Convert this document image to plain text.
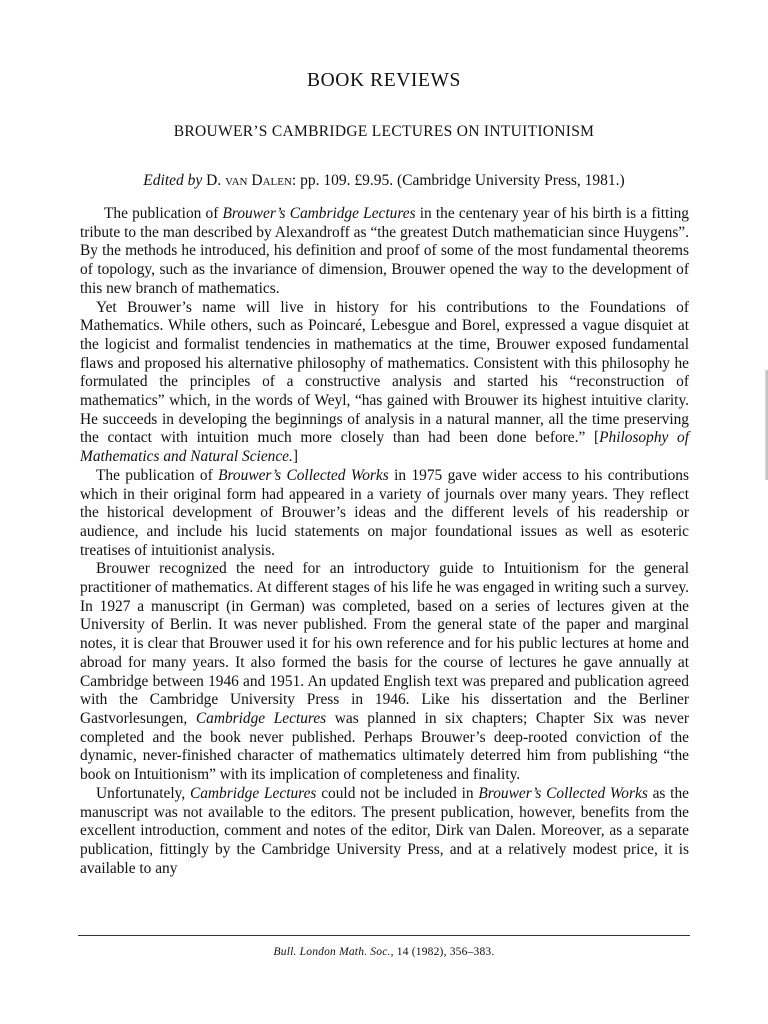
BOOK REVIEWS
BROUWER’S CAMBRIDGE LECTURES ON INTUITIONISM
Edited by D. van Dalen: pp. 109. £9.95. (Cambridge University Press, 1981.)

The publication of Brouwer’s Cambridge Lectures in the centenary year of his birth is a fitting tribute to the man described by Alexandroff as “the greatest Dutch mathematician since Huygens”. By the methods he introduced, his definition and proof of some of the most fundamental theorems of topology, such as the invariance of dimension, Brouwer opened the way to the development of this new branch of mathematics.

Yet Brouwer’s name will live in history for his contributions to the Foundations of Mathematics. While others, such as Poincaré, Lebesgue and Borel, expressed a vague disquiet at the logicist and formalist tendencies in mathematics at the time, Brouwer exposed fundamental flaws and proposed his alternative philosophy of mathematics. Consistent with this philosophy he formulated the principles of a constructive analysis and started his “reconstruction of mathematics” which, in the words of Weyl, “has gained with Brouwer its highest intuitive clarity. He succeeds in developing the beginnings of analysis in a natural manner, all the time preserving the contact with intuition much more closely than had been done before.” [Philosophy of Mathematics and Natural Science.]

The publication of Brouwer’s Collected Works in 1975 gave wider access to his contributions which in their original form had appeared in a variety of journals over many years. They reflect the historical development of Brouwer’s ideas and the different levels of his readership or audience, and include his lucid statements on major foundational issues as well as esoteric treatises of intuitionist analysis.

Brouwer recognized the need for an introductory guide to Intuitionism for the general practitioner of mathematics. At different stages of his life he was engaged in writing such a survey. In 1927 a manuscript (in German) was completed, based on a series of lectures given at the University of Berlin. It was never published. From the general state of the paper and marginal notes, it is clear that Brouwer used it for his own reference and for his public lectures at home and abroad for many years. It also formed the basis for the course of lectures he gave annually at Cambridge between 1946 and 1951. An updated English text was prepared and publication agreed with the Cambridge University Press in 1946. Like his dissertation and the Berliner Gastvorlesungen, Cambridge Lectures was planned in six chapters; Chapter Six was never completed and the book never published. Perhaps Brouwer’s deep-rooted conviction of the dynamic, never-finished character of mathematics ultimately deterred him from publishing “the book on Intuitionism” with its implication of completeness and finality.

Unfortunately, Cambridge Lectures could not be included in Brouwer’s Collected Works as the manuscript was not available to the editors. The present publication, however, benefits from the excellent introduction, comment and notes of the editor, Dirk van Dalen. Moreover, as a separate publication, fittingly by the Cambridge University Press, and at a relatively modest price, it is available to any

Bull. London Math. Soc., 14 (1982), 356–383.
